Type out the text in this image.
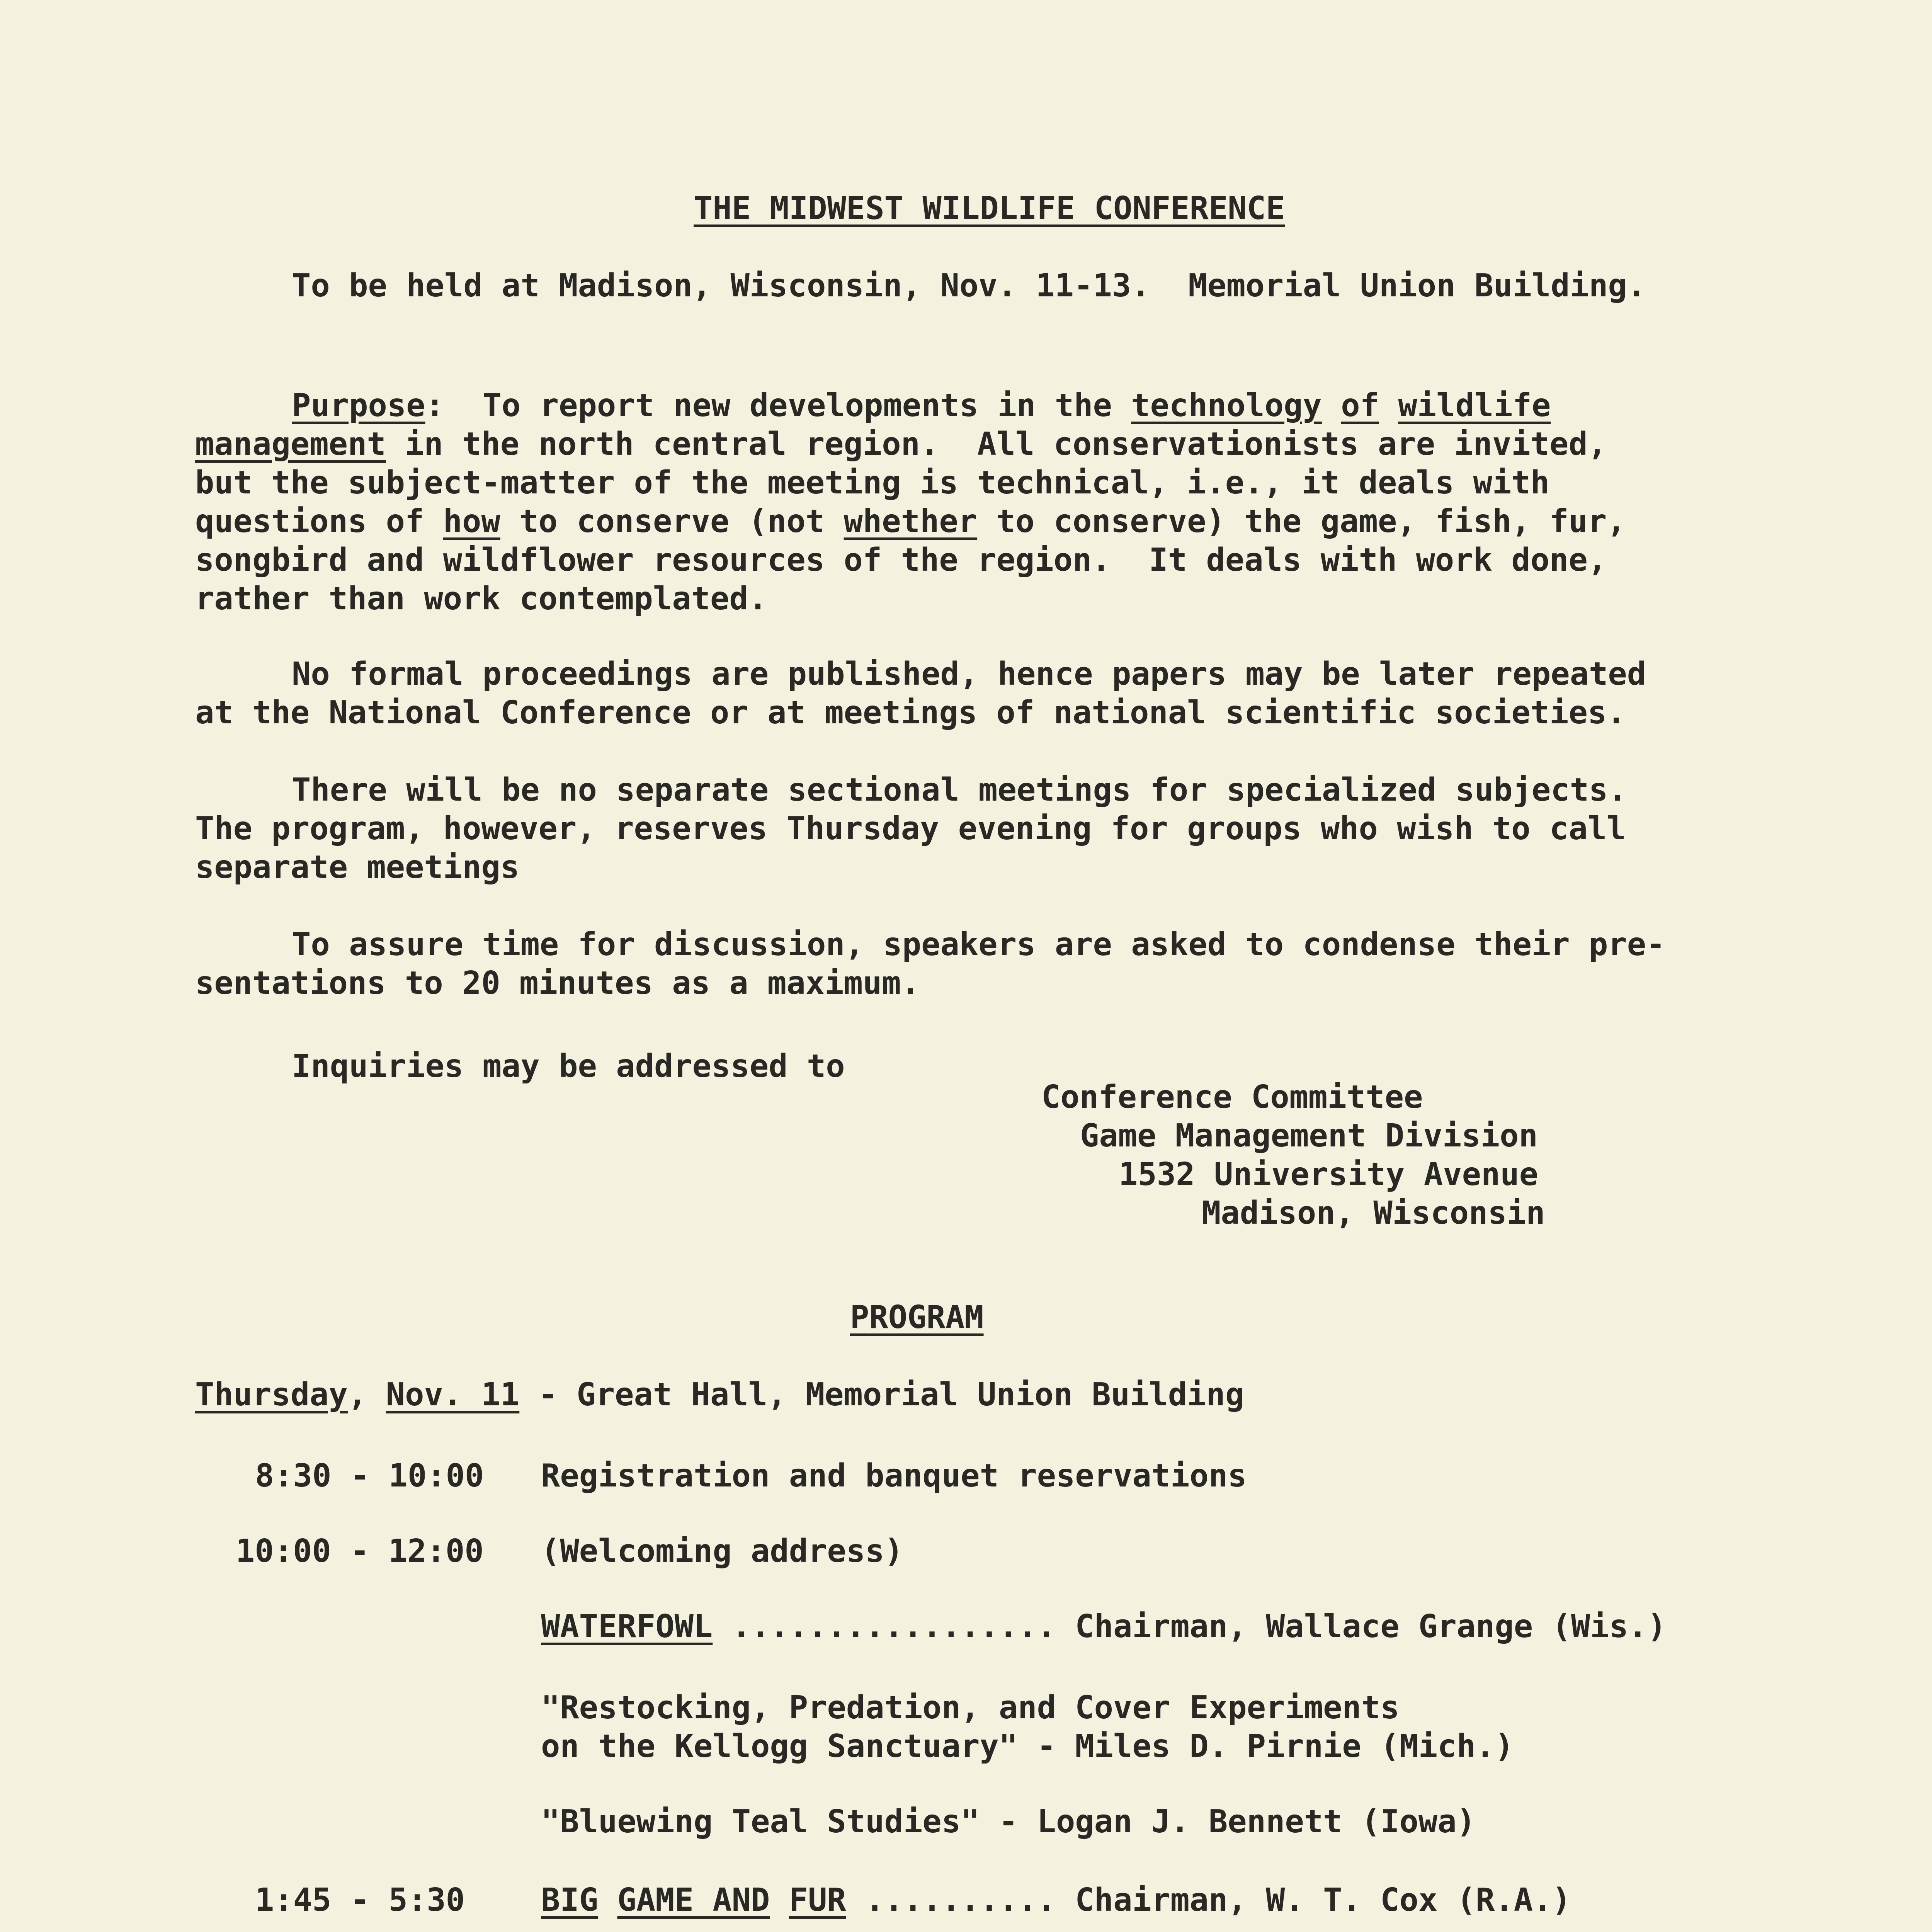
THE MIDWEST WILDLIFE CONFERENCE
To be held at Madison, Wisconsin, Nov. 11-13.  Memorial Union Building.
Purpose:  To report new developments in the technology of wildlife
management in the north central region.  All conservationists are invited,
but the subject-matter of the meeting is technical, i.e., it deals with
questions of how to conserve (not whether to conserve) the game, fish, fur,
songbird and wildflower resources of the region.  It deals with work done,
rather than work contemplated.
No formal proceedings are published, hence papers may be later repeated
at the National Conference or at meetings of national scientific societies.
There will be no separate sectional meetings for specialized subjects.
The program, however, reserves Thursday evening for groups who wish to call
separate meetings
To assure time for discussion, speakers are asked to condense their pre-
sentations to 20 minutes as a maximum.
Inquiries may be addressed to
Conference Committee
Game Management Division
1532 University Avenue
Madison, Wisconsin
PROGRAM
Thursday, Nov. 11 - Great Hall, Memorial Union Building
8:30 - 10:00 Registration and banquet reservations
10:00 - 12:00 (Welcoming address)
WATERFOWL ................. Chairman, Wallace Grange (Wis.)
"Restocking, Predation, and Cover Experiments
on the Kellogg Sanctuary" - Miles D. Pirnie (Mich.)
"Bluewing Teal Studies" - Logan J. Bennett (Iowa)
1:45 - 5:30 BIG GAME AND FUR .......... Chairman, W. T. Cox (R.A.)
